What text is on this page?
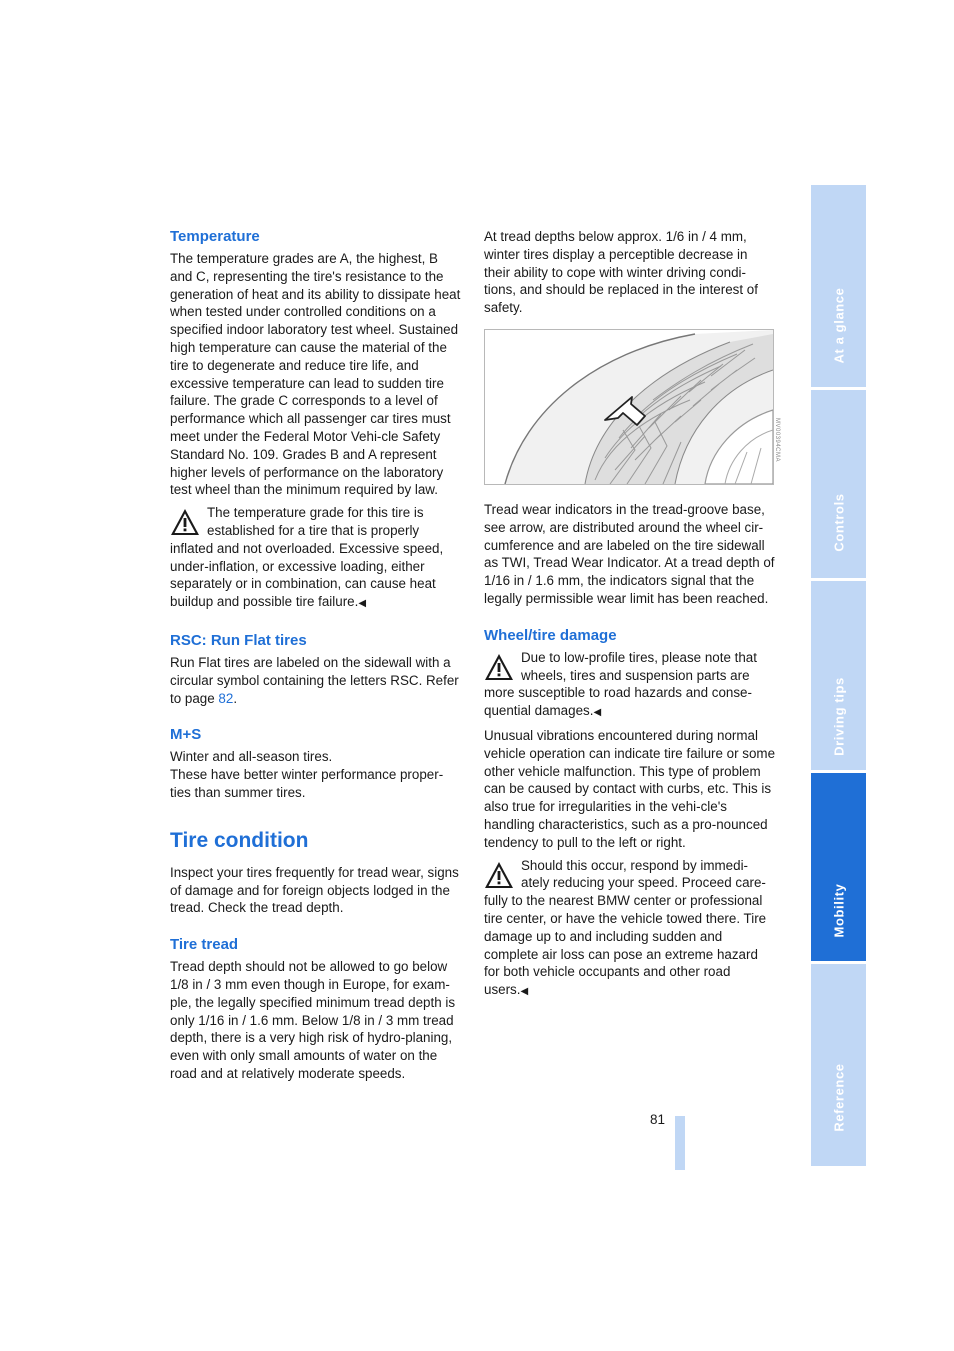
Temperature

The temperature grades are A, the highest, B and C, representing the tire's resistance to the generation of heat and its ability to dissipate heat when tested under controlled conditions on a specified indoor laboratory test wheel. Sustained high temperature can cause the material of the tire to degenerate and reduce tire life, and excessive temperature can lead to sudden tire failure. The grade C corresponds to a level of performance which all passenger car tires must meet under the Federal Motor Vehi-cle Safety Standard No. 109. Grades B and A represent higher levels of performance on the laboratory test wheel than the minimum required by law.

The temperature grade for this tire is established for a tire that is properly inflated and not overloaded. Excessive speed, under-inflation, or excessive loading, either separately or in combination, can cause heat buildup and possible tire failure.◀

RSC: Run Flat tires

Run Flat tires are labeled on the sidewall with a circular symbol containing the letters RSC. Refer to page 82.

M+S

Winter and all-season tires.

These have better winter performance proper-ties than summer tires.

Tire condition

Inspect your tires frequently for tread wear, signs of damage and for foreign objects lodged in the tread. Check the tread depth.

Tire tread

Tread depth should not be allowed to go below 1/8 in / 3 mm even though in Europe, for exam-ple, the legally specified minimum tread depth is only 1/16 in / 1.6 mm. Below 1/8 in / 3 mm tread depth, there is a very high risk of hydro-planing, even with only small amounts of water on the road and at relatively moderate speeds.

At tread depths below approx. 1/6 in / 4 mm, winter tires display a perceptible decrease in their ability to cope with winter driving condi-tions, and should be replaced in the interest of safety.

Tread wear indicators in the tread-groove base, see arrow, are distributed around the wheel cir-cumference and are labeled on the tire sidewall as TWI, Tread Wear Indicator. At a tread depth of 1/16 in / 1.6 mm, the indicators signal that the legally permissible wear limit has been reached.

Wheel/tire damage

Due to low-profile tires, please note that wheels, tires and suspension parts are more susceptible to road hazards and conse-quential damages.◀

Unusual vibrations encountered during normal vehicle operation can indicate tire failure or some other vehicle malfunction. This type of problem can be caused by contact with curbs, etc. This is also true for irregularities in the vehi-cle's handling characteristics, such as a pro-nounced tendency to pull to the left or right.

Should this occur, respond by immedi-ately reducing your speed. Proceed care-fully to the nearest BMW center or professional tire center, or have the vehicle towed there. Tire damage up to and including sudden and complete air loss can pose an extreme hazard for both vehicle occupants and other road users.◀

MV00394CMA
At a glance
Controls
Driving tips
Mobility
Reference
81
